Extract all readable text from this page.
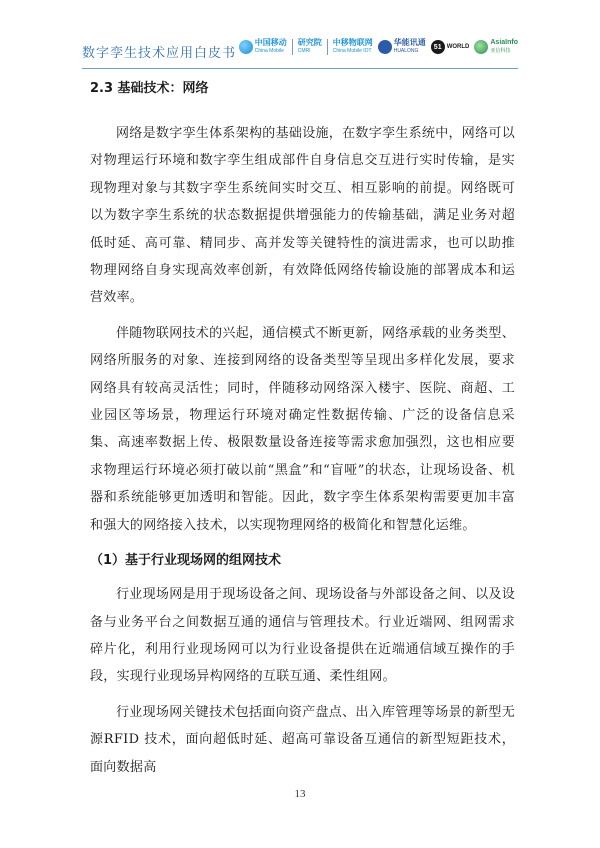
数字孪生技术应用白皮书
中国移动
China Mobile
研究院
CMRI
中移物联网
China Mobile IOT
华能讯通
HUALONG
51 WORLD
AsiaInfo
亚信科技
2.3 基础技术：网络

网络是数字孪生体系架构的基础设施，在数字孪生系统中，网络可以对物理运行环境和数字孪生组成部件自身信息交互进行实时传输，是实现物理对象与其数字孪生系统间实时交互、相互影响的前提。网络既可以为数字孪生系统的状态数据提供增强能力的传输基础，满足业务对超低时延、高可靠、精同步、高并发等关键特性的演进需求，也可以助推物理网络自身实现高效率创新，有效降低网络传输设施的部署成本和运营效率。

伴随物联网技术的兴起，通信模式不断更新，网络承载的业务类型、网络所服务的对象、连接到网络的设备类型等呈现出多样化发展，要求网络具有较高灵活性；同时，伴随移动网络深入楼宇、医院、商超、工业园区等场景，物理运行环境对确定性数据传输、广泛的设备信息采集、高速率数据上传、极限数量设备连接等需求愈加强烈，这也相应要求物理运行环境必须打破以前“黑盒”和“盲哑”的状态，让现场设备、机器和系统能够更加透明和智能。因此，数字孪生体系架构需要更加丰富和强大的网络接入技术，以实现物理网络的极简化和智慧化运维。

（1）基于行业现场网的组网技术

行业现场网是用于现场设备之间、现场设备与外部设备之间、以及设备与业务平台之间数据互通的通信与管理技术。行业近端网、组网需求碎片化，利用行业现场网可以为行业设备提供在近端通信域互操作的手段，实现行业现场异构网络的互联互通、柔性组网。

行业现场网关键技术包括面向资产盘点、出入库管理等场景的新型无源RFID 技术，面向超低时延、超高可靠设备互通信的新型短距技术，面向数据高

13
